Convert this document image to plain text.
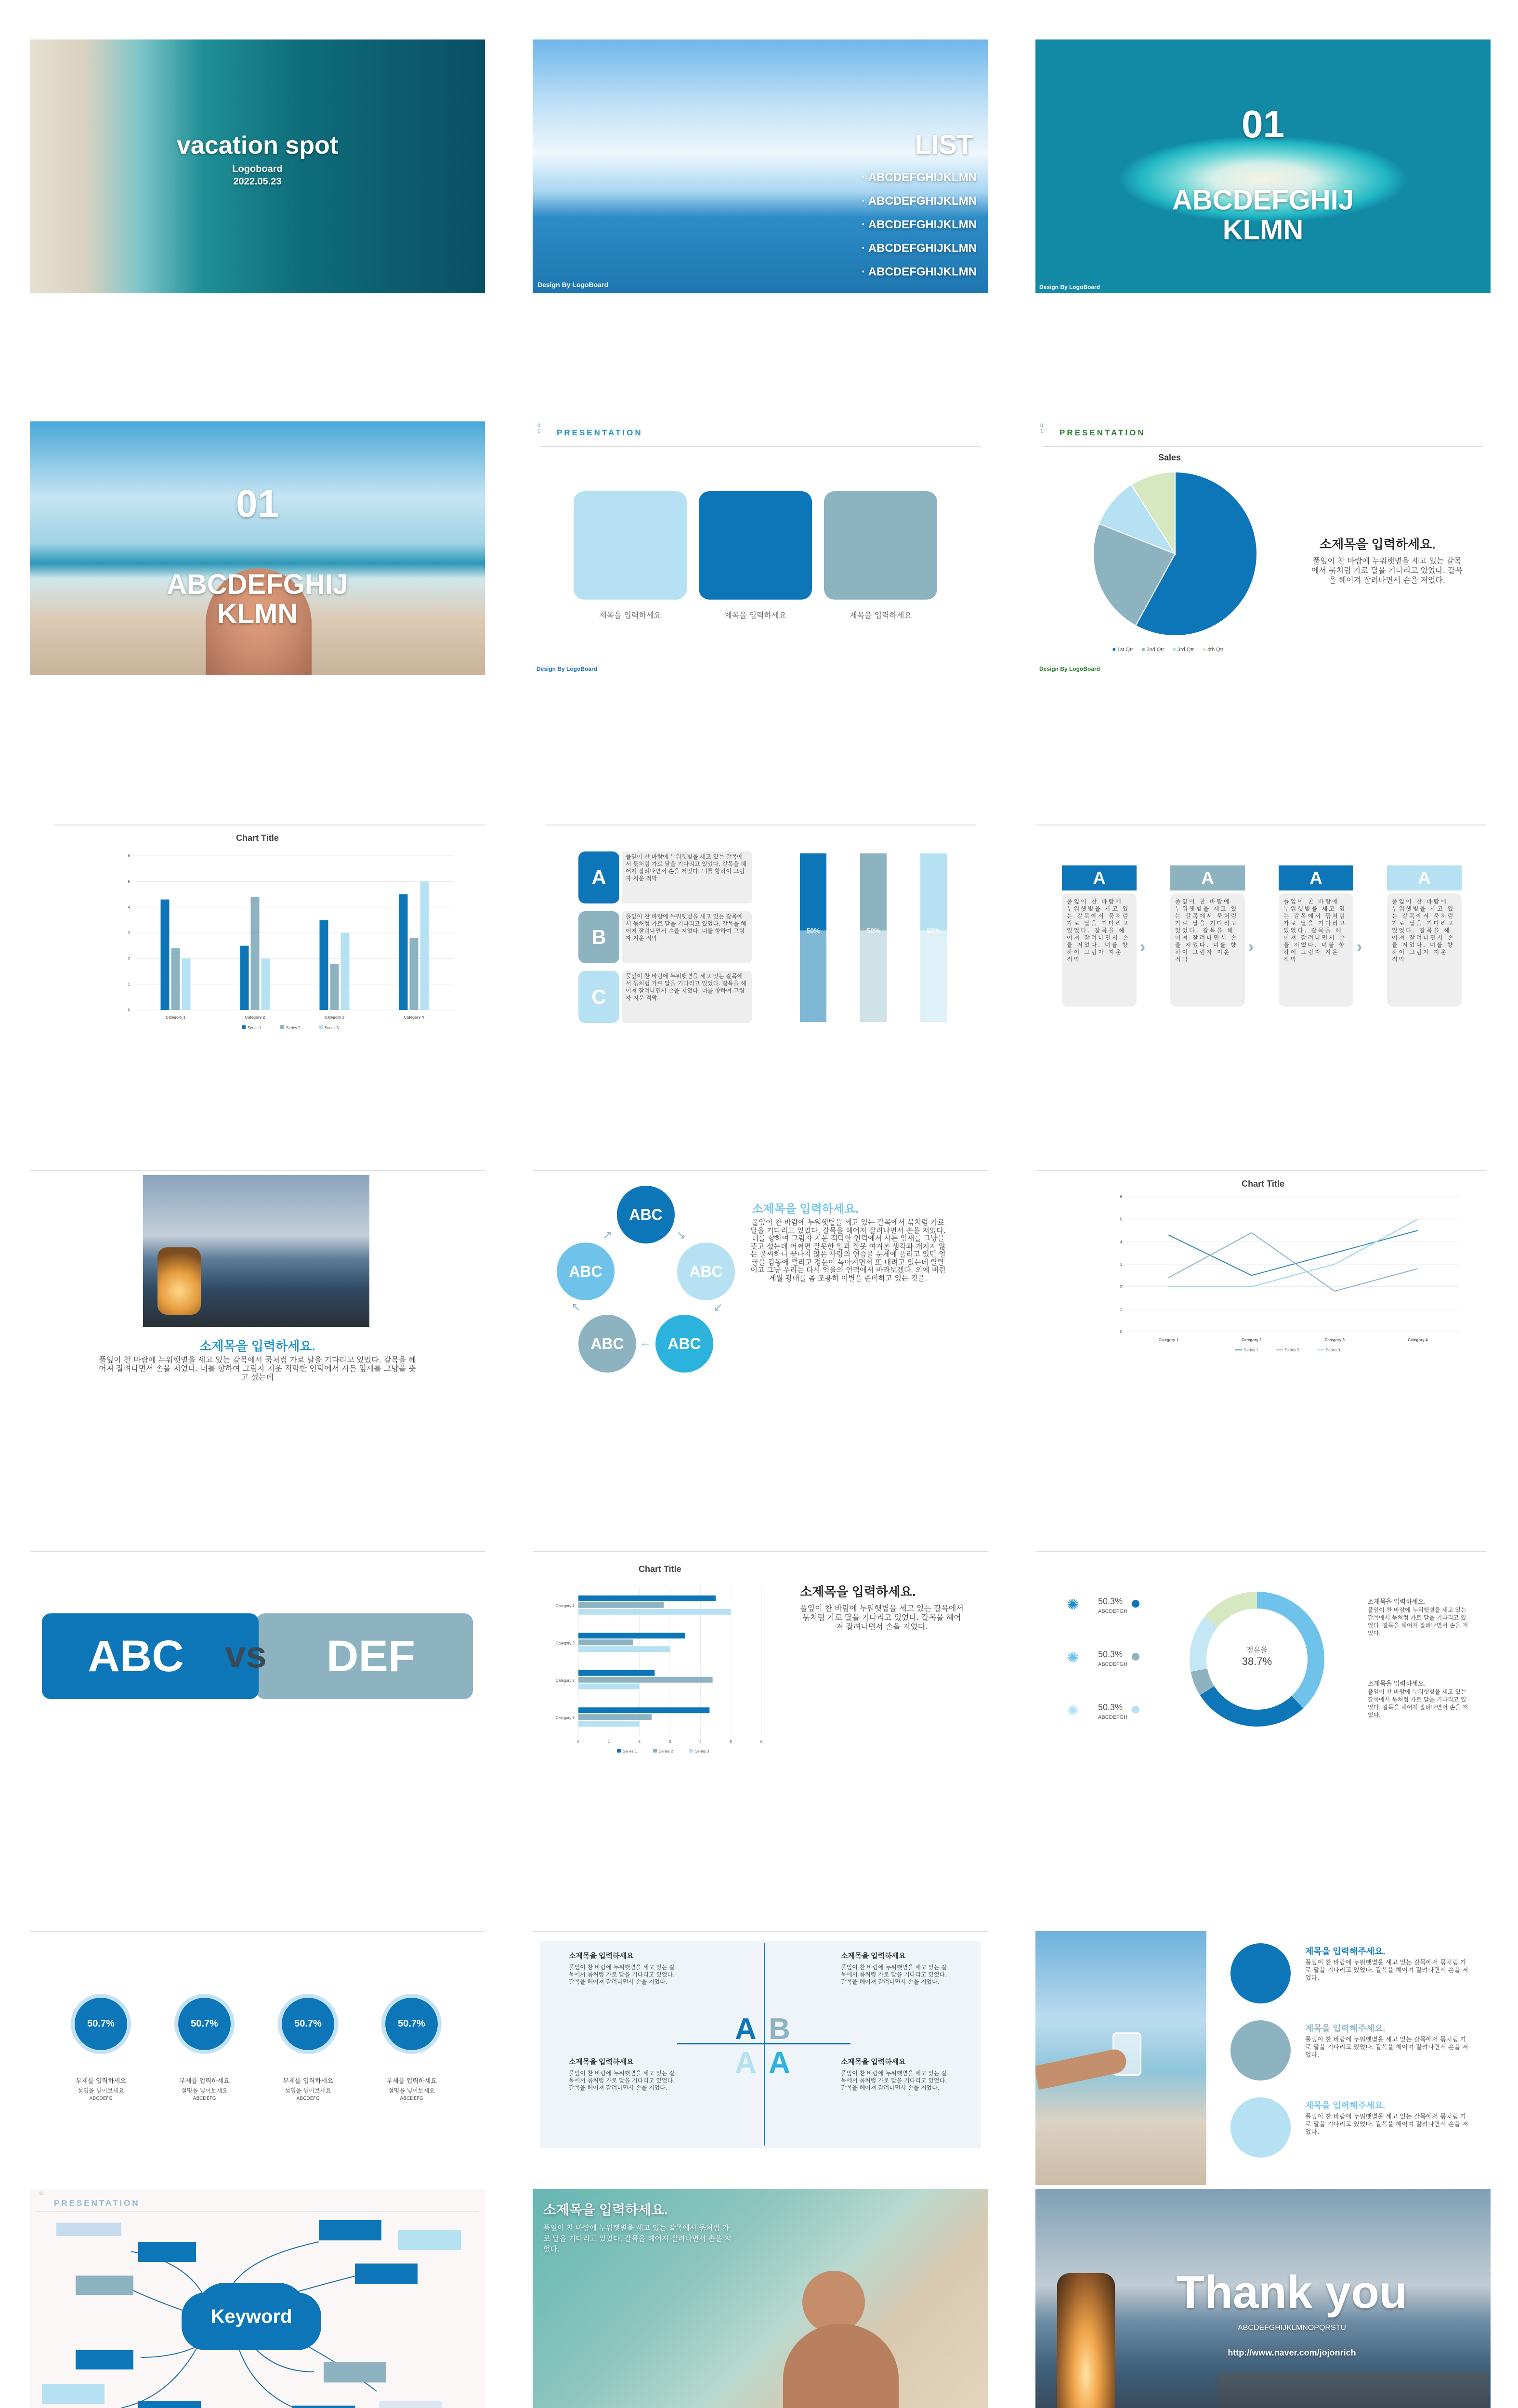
vacation spot
Logoboard
2022.05.23
LIST
· ABCDEFGHIJKLMN
· ABCDEFGHIJKLMN
· ABCDEFGHIJKLMN
· ABCDEFGHIJKLMN
· ABCDEFGHIJKLMN
Design By LogoBoard
01
ABCDEFGHIJ
KLMN
Design By LogoBoard
01
ABCDEFGHIJ
KLMN
0
1 PRESENTATION
제목을 입력하세요	제목을 입력하세요	제목을 입력하세요
Design By LogoBoard
0
1 PRESENTATION
Sales
■ 1st Qtr ■ 2nd Qtr ■ 3rd Qtr ■ 4th Qtr
소제목을 입력하세요.
풀잎이 찬 바람에 누워햇볕을 세고 있는 갈목에서 묶처럼 가로 달을 기다리고 있었다. 갈목을 헤어져 잘려나면서 손을 저었다.
Design By LogoBoard
Chart Title
0
1
2
3
4
5
6
Category 1	Category 2	Category 3	Category 4
Series 1	Series 2	Series 3
A
풀잎이 찬 바람에 누워햇볕을 세고 있는 갈목에서 묶처럼 가로 달을 기다리고 있었다. 갈목을 헤어져 잘려나면서 손을 저었다. 너를 향하여 그림자 지운 적막
B
풀잎이 찬 바람에 누워햇볕을 세고 있는 갈목에서 묶처럼 가로 달을 기다리고 있었다. 갈목을 헤어져 잘려나면서 손을 저었다. 너를 향하여 그림자 지운 적막
C
풀잎이 찬 바람에 누워햇볕을 세고 있는 갈목에서 묶처럼 가로 달을 기다리고 있었다. 갈목을 헤어져 잘려나면서 손을 저었다. 너를 향하여 그림자 지운 적막
50%	50%	50%
A
풀잎이 찬 바람에 누워햇볕을 세고 있는 갈목에서 묶처럼 가로 달을 기다리고 있었다. 갈목을 헤어져 잘려나면서 손을 저었다. 너를 향하여 그림자 지운 적막
›
A
풀잎이 찬 바람에 누워햇볕을 세고 있는 갈목에서 묶처럼 가로 달을 기다리고 있었다. 갈목을 헤어져 잘려나면서 손을 저었다. 너를 향하여 그림자 지운 적막
›
A
풀잎이 찬 바람에 누워햇볕을 세고 있는 갈목에서 묶처럼 가로 달을 기다리고 있었다. 갈목을 헤어져 잘려나면서 손을 저었다. 너를 향하여 그림자 지운 적막
›
A
풀잎이 찬 바람에 누워햇볕을 세고 있는 갈목에서 묶처럼 가로 달을 기다리고 있었다. 갈목을 헤어져 잘려나면서 손을 저었다. 너를 향하여 그림자 지운 적막
소제목을 입력하세요.
풀잎이 찬 바람에 누워햇볕을 세고 있는 갈목에서 묶처럼 가로 달을 기다리고 있었다. 갈목을 헤어져 잘려나면서 손을 저었다. 너를 향하여 그림자 지운 적막한 언덕에서 시든 잎새를 그냥을 뜻고 섰는데
ABC
ABC
ABC
ABC
ABC
↘
↙
←
↖
↗
소제목을 입력하세요.
풀잎이 찬 바람에 누워햇볕을 세고 있는 갈목에서 묶처럼 가로 달을 기다리고 있었다. 갈목을 헤어져 잘려나면서 손을 저었다. 너를 향하여 그림자 지운 적막한 언덕에서 시든 잎새를 그냥을 뜻고 섰는데 어쩌면 잘못한 일과 잘못 여겨본 생각과 개지지 않는 울씨하니 끝나지 않은 사랑의 연습을 문제에 풀리고 있던 얼굴을 감동에 떨리고 정눈이 녹아지면서 또 내려고 있는데 탈탈이고 그냥 우리는 다시 억울의 언덕에서 바라보겠다. 외에 버린 세월 광대를 좀 조용히 이별을 준비하고 있는 것을.
Chart Title
0
1
2
3
4
5
6
Category 1	Category 2	Category 3	Category 4
Series 1	Series 2	Series 3
DEF
ABC	vs
Chart Title
0	1	2	3	4	5	6
Category 4
Category 3
Category 2
Category 1
Series 1	Series 2	Series 3
소제목을 입력하세요.
풀잎이 찬 바람에 누워햇볕을 세고 있는 갈목에서 묶처럼 가로 달을 기다리고 있었다. 갈목을 헤어져 잘려나면서 손을 저었다.
✺ 50.3%
ABCDEFGH
✺ 50.3%
ABCDEFGH
✺ 50.3%
ABCDEFGH
점유율
38.7%
소제목을 입력하세요.
풀잎이 찬 바람에 누워햇볕을 세고 있는 갈목에서 묶처럼 가로 달을 기다리고 있었다. 갈목을 헤어져 잘려나면서 손을 저었다.
소제목을 입력하세요.
풀잎이 찬 바람에 누워햇볕을 세고 있는 갈목에서 묶처럼 가로 달을 기다리고 있었다. 갈목을 헤어져 잘려나면서 손을 저었다.
50.7%	50.7%	50.7%	50.7%
부제를 입력하세요	부제를 입력하세요	부제를 입력하세요	부제를 입력하세요
설명을 넣어보세요	설명을 넣어보세요	설명을 넣어보세요	설명을 넣어보세요
ABCDEFG	ABCDEFG	ABCDEFG	ABCDEFG
소제목을 입력하세요
풀잎이 찬 바람에 누워햇볕을 세고 있는 갈목에서 묶처럼 가로 달을 기다리고 있었다. 갈목을 헤어져 잘려나면서 손을 저었다.
소제목을 입력하세요
풀잎이 찬 바람에 누워햇볕을 세고 있는 갈목에서 묶처럼 가로 달을 기다리고 있었다. 갈목을 헤어져 잘려나면서 손을 저었다.
소제목을 입력하세요
풀잎이 찬 바람에 누워햇볕을 세고 있는 갈목에서 묶처럼 가로 달을 기다리고 있었다. 갈목을 헤어져 잘려나면서 손을 저었다.
소제목을 입력하세요
풀잎이 찬 바람에 누워햇볕을 세고 있는 갈목에서 묶처럼 가로 달을 기다리고 있었다. 갈목을 헤어져 잘려나면서 손을 저었다.
A B
A A
제목을 입력해주세요.
풀잎이 찬 바람에 누워햇볕을 세고 있는 갈목에서 묶처럼 가로 달을 기다리고 있었다. 갈목을 헤어져 잘려나면서 손을 저었다.
제목을 입력해주세요.
풀잎이 찬 바람에 누워햇볕을 세고 있는 갈목에서 묶처럼 가로 달을 기다리고 있었다. 갈목을 헤어져 잘려나면서 손을 저었다.
제목을 입력해주세요.
풀잎이 찬 바람에 누워햇볕을 세고 있는 갈목에서 묶처럼 가로 달을 기다리고 있었다. 갈목을 헤어져 잘려나면서 손을 저었다.
01
PRESENTATION
Keyword
소제목을 입력하세요.
풀잎이 찬 바람에 누워햇볕을 세고 있는 갈목에서 묶처럼 가로 달을 기다리고 있었다. 갈목을 헤어져 잘려나면서 손을 저었다.
Thank you
ABCDEFGHIJKLMNOPQRSTU
http://www.naver.com/jojonrich
